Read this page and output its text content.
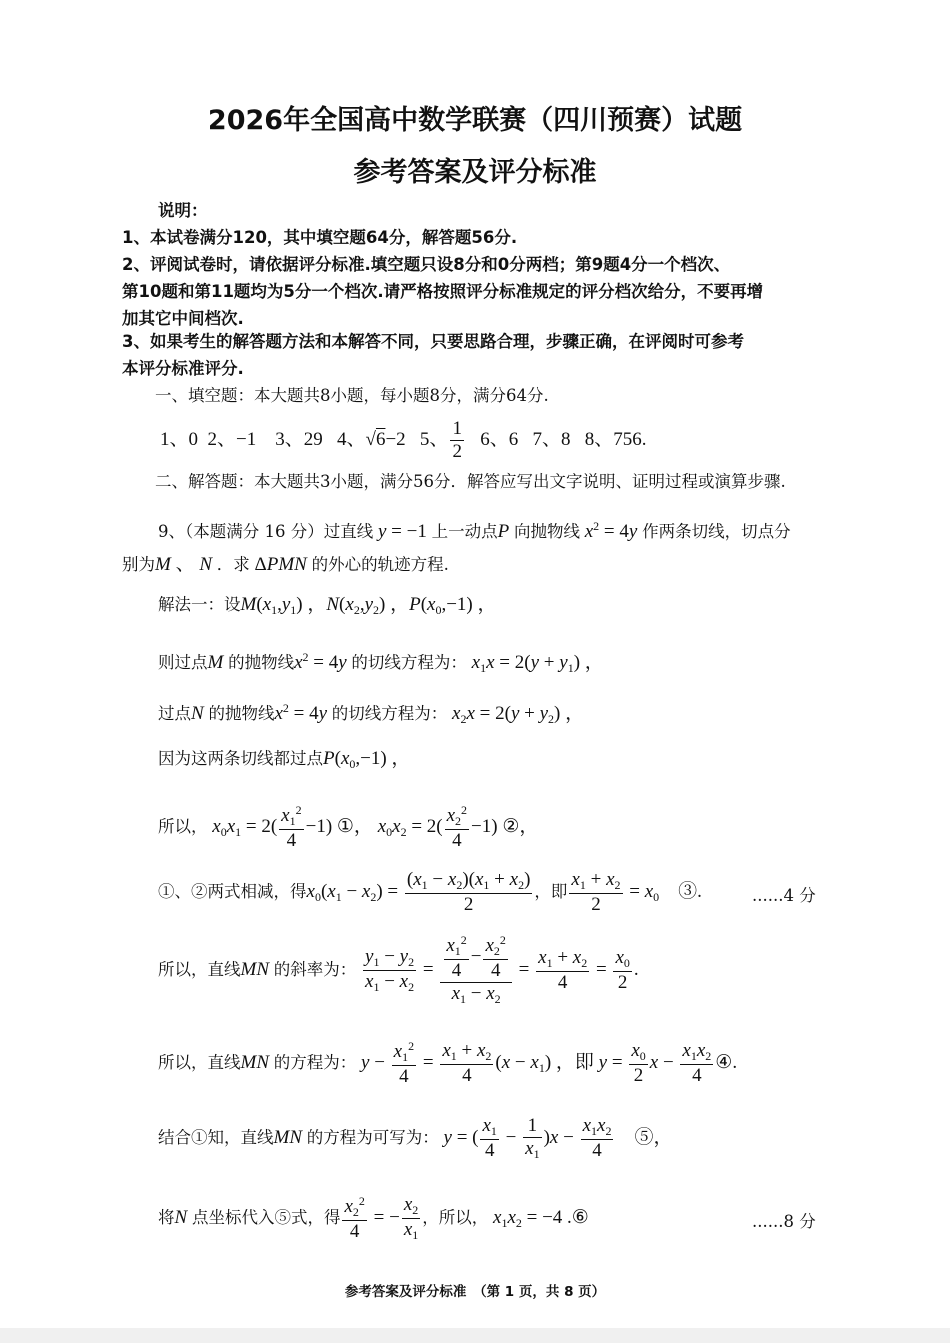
2026年全国高中数学联赛（四川预赛）试题
参考答案及评分标准
说明：
1、本试卷满分120，其中填空题64分，解答题56分.
2、评阅试卷时，请依据评分标准.填空题只设8分和0分两档；第9题4分一个档次、
第10题和第11题均为5分一个档次.请严格按照评分标准规定的评分档次给分，不要再增
加其它中间档次.
3、如果考生的解答题方法和本解答不同，只要思路合理，步骤正确，在评阅时可参考
本评分标准评分.
一、填空题：本大题共8小题，每小题8分，满分64分.
1、0 2、−1 3、29 4、√6−2 5、 $\frac{1}{2} 6$、6 7、8 8、756.
二、解答题：本大题共3小题，满分56分．解答应写出文字说明、证明过程或演算步骤.
9、（本题满分 16 分）过直线 y = −1 上一动点P 向抛物线 $x^2 = 4y$ 作两条切线，切点分
别为M 、 N ．求 ΔPMN 的外心的轨迹方程.
解法一：设$M(x_1,y_1)$ ，$N(x_2,y_2)$ ，$P(x_0,-1)$ ，
则过点M 的抛物线$x^2 = 4y$ 的切线方程为： $x_1x = 2(y + y_1)$ ，
过点N 的抛物线$x^2 = 4y$ 的切线方程为： $x_2x = 2(y + y_2)$ ，
因为这两条切线都过点$P(x_0,-1)$ ，
所以， $x_0x_1 = 2( \frac{x_1^2}{4} -1)$ ①， $x_0x_2 = 2( \frac{x_2^2}{4} -1)$ ②，
①、②两式相减，得$x_0(x_1 - x_2) = \frac{(x_1 - x_2)(x_1 + x_2)}{2}$ ，即 $\frac{x_1 + x_2}{2} = x_0$　③.	......4 分
所以，直线MN 的斜率为： $\frac{y_1 - y_2}{x_1 - x_2} = \frac{\frac{x_1^2}{4} - \frac{x_2^2}{4}}{x_1 - x_2} = \frac{x_1 + x_2}{4} = \frac{x_0}{2}$ .
所以，直线MN 的方程为： $y - \frac{x_1^2}{4} = \frac{x_1 + x_2}{4} (x - x_1)$ ，即 $y = \frac{x_0}{2}$ $x - \frac{x_1x_2}{4}$ ④.
结合①知，直线MN 的方程为可写为： y = ( $\frac{x_1}{4} - \frac{1}{x_1} )x - \frac{x_1x_2}{4}$ 　⑤，
将N 点坐标代入⑤式，得 $\frac{x_2^2}{4}$ = − $\frac{x_2}{x_1}$ ，所以， $x_1x_2 = -4$ .⑥	......8 分
参考答案及评分标准　（第 1 页，共 8 页）
